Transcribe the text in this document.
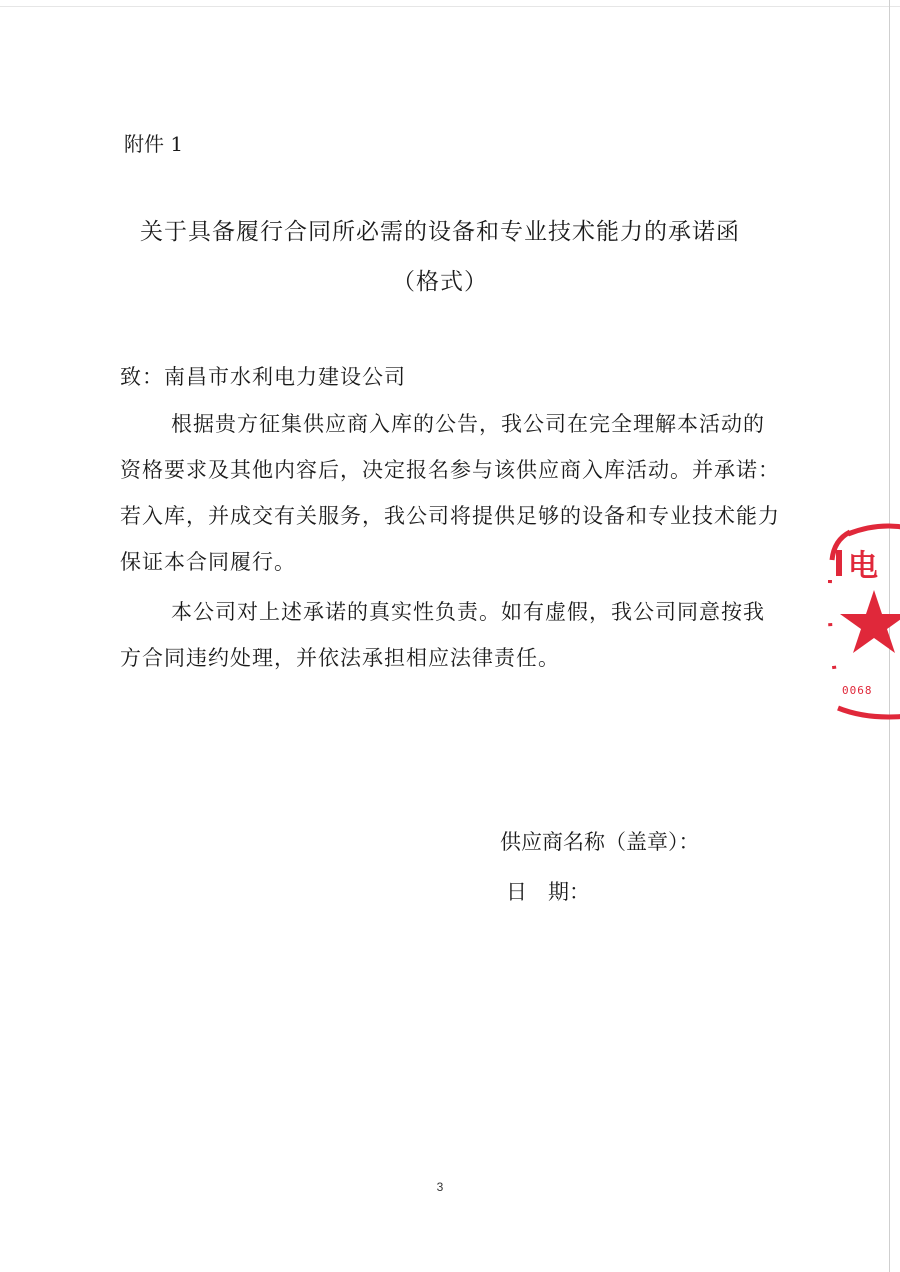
附件 1
关于具备履行合同所必需的设备和专业技术能力的承诺函
（格式）
致：南昌市水利电力建设公司
根据贵方征集供应商入库的公告，我公司在完全理解本活动的
资格要求及其他内容后，决定报名参与该供应商入库活动。并承诺：
若入库，并成交有关服务，我公司将提供足够的设备和专业技术能力
保证本合同履行。
本公司对上述承诺的真实性负责。如有虚假，我公司同意按我
方合同违约处理，并依法承担相应法律责任。
供应商名称（盖章）：
日　期：
电
0068
3
